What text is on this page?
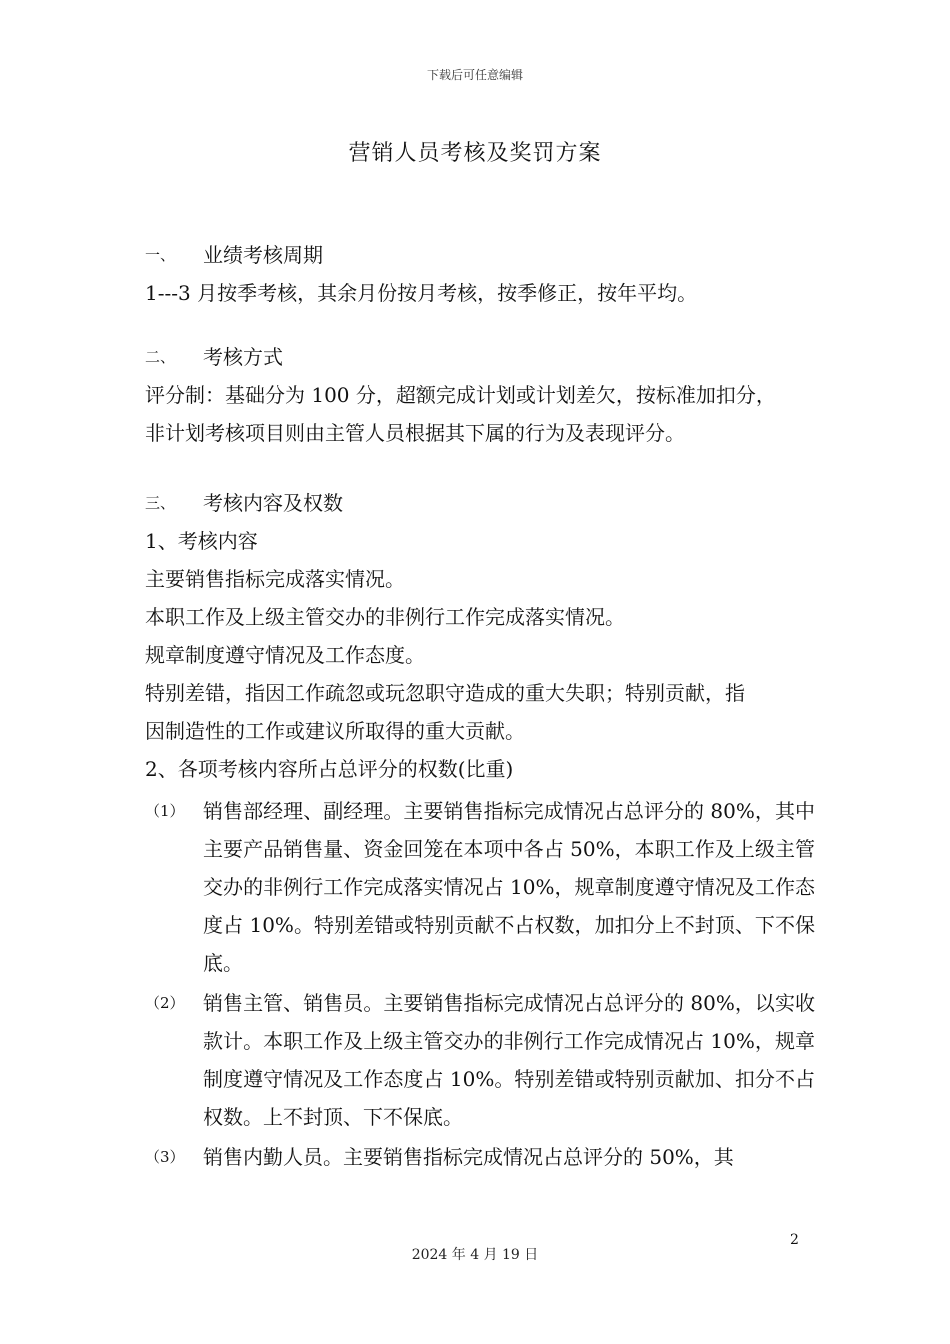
下载后可任意编辑
营销人员考核及奖罚方案
一、	业绩考核周期
1---3 月按季考核，其余月份按月考核，按季修正，按年平均。
二、	考核方式
评分制：基础分为 100 分，超额完成计划或计划差欠，按标准加扣分，
非计划考核项目则由主管人员根据其下属的行为及表现评分。
三、	考核内容及权数
1、考核内容
主要销售指标完成落实情况。
本职工作及上级主管交办的非例行工作完成落实情况。
规章制度遵守情况及工作态度。
特别差错，指因工作疏忽或玩忽职守造成的重大失职；特别贡献，指
因制造性的工作或建议所取得的重大贡献。
2、各项考核内容所占总评分的权数(比重)
（1） 销售部经理、副经理。主要销售指标完成情况占总评分的 80%，其中主要产品销售量、资金回笼在本项中各占 50%，本职工作及上级主管交办的非例行工作完成落实情况占 10%，规章制度遵守情况及工作态度占 10%。特别差错或特别贡献不占权数，加扣分上不封顶、下不保底。
（2） 销售主管、销售员。主要销售指标完成情况占总评分的 80%，以实收款计。本职工作及上级主管交办的非例行工作完成情况占 10%，规章制度遵守情况及工作态度占 10%。特别差错或特别贡献加、扣分不占权数。上不封顶、下不保底。
（3） 销售内勤人员。主要销售指标完成情况占总评分的 50%，其
2
2024 年 4 月 19 日
